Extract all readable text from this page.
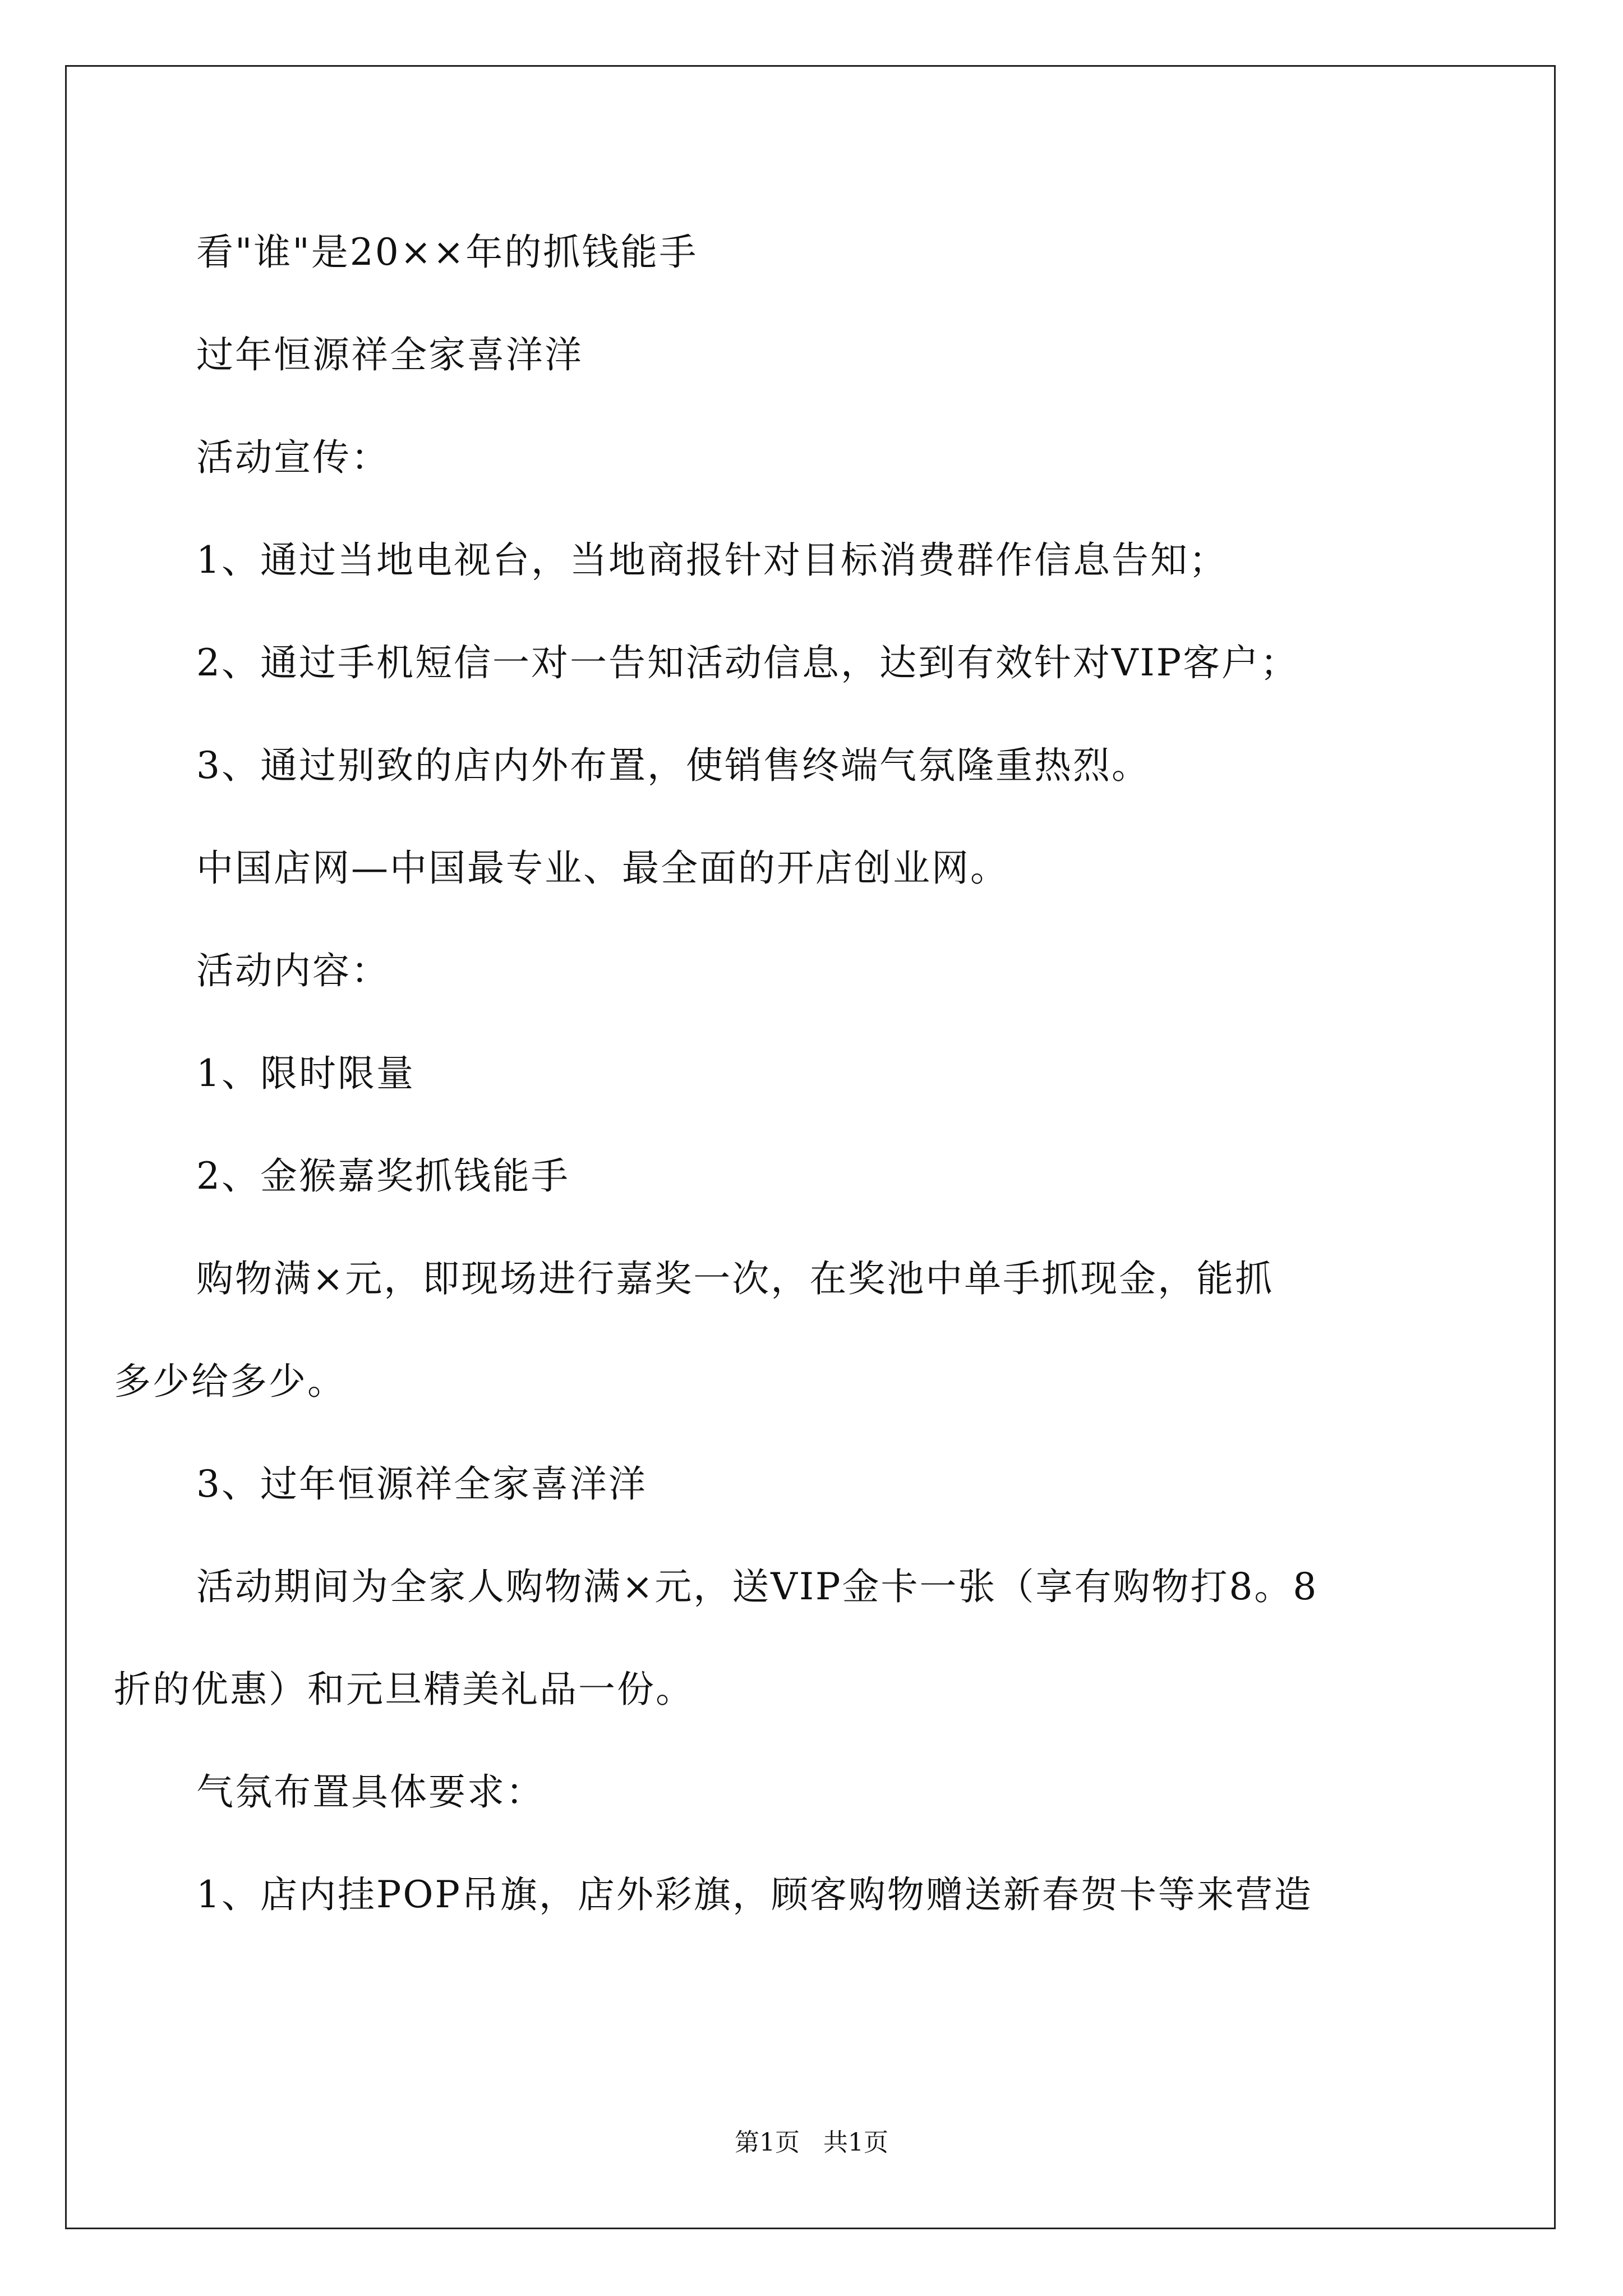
看"谁"是20××年的抓钱能手
过年恒源祥全家喜洋洋
活动宣传：
1、通过当地电视台，当地商报针对目标消费群作信息告知；
2、通过手机短信一对一告知活动信息，达到有效针对VIP客户；
3、通过别致的店内外布置，使销售终端气氛隆重热烈。
中国店网—中国最专业、最全面的开店创业网。
活动内容：
1、限时限量
2、金猴嘉奖抓钱能手
购物满×元，即现场进行嘉奖一次，在奖池中单手抓现金，能抓
多少给多少。
3、过年恒源祥全家喜洋洋
活动期间为全家人购物满×元，送VIP金卡一张（享有购物打8。8
折的优惠）和元旦精美礼品一份。
气氛布置具体要求：
1、店内挂POP吊旗，店外彩旗，顾客购物赠送新春贺卡等来营造
第1页   共1页
